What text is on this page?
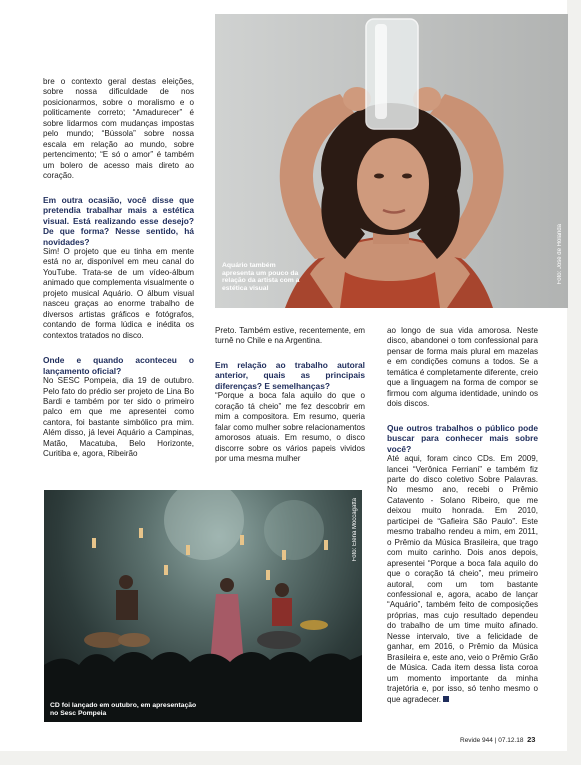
bre o contexto geral destas eleições, sobre nossa dificuldade de nos posicionarmos, sobre o moralismo e o politicamente correto; “Amadurecer” é sobre lidarmos com mudanças impostas pelo mundo; “Bússola” sobre nossa escala em relação ao mundo, sobre pertencimento; “E só o amor” é também um bolero de acesso mais direto ao coração.

Em outra ocasião, você disse que pretendia trabalhar mais a estética visual. Está realizando esse desejo? De que forma? Nesse sentido, há novidades?

Sim! O projeto que eu tinha em mente está no ar, disponível em meu canal do YouTube. Trata-se de um vídeo-álbum animado que complementa visualmente o projeto musical Aquário. O álbum visual nasceu graças ao enorme trabalho de diversos artistas gráficos e fotógrafos, contando de forma lúdica e inédita os contextos tratados no disco.

Onde e quando aconteceu o lançamento oficial?

No SESC Pompeia, dia 19 de outubro. Pelo fato do prédio ser projeto de Lina Bo Bardi e também por ter sido o primeiro palco em que me apresentei como cantora, foi bastante simbólico pra mim. Além disso, já levei Aquário a Campinas, Matão, Macatuba, Belo Horizonte, Curitiba e, agora, Ribeirão

Preto. Também estive, recentemente, em turnê no Chile e na Argentina.

Em relação ao trabalho autoral anterior, quais as principais diferenças? E semelhanças?

“Porque a boca fala aquilo do que o coração tá cheio” me fez descobrir em mim a compositora. Em resumo, queria falar como mulher sobre relacionamentos amorosos atuais. Em resumo, o disco discorre sobre os vários papeis vividos por uma mesma mulher

ao longo de sua vida amorosa. Neste disco, abandonei o tom confessional para pensar de forma mais plural em mazelas e em condições comuns a todos. Se a temática é completamente diferente, creio que a linguagem na forma de compor se firmou com alguma identidade, unindo os dois discos.

Que outros trabalhos o público pode buscar para conhecer mais sobre você?

Até aqui, foram cinco CDs. Em 2009, lancei “Verônica Ferriani” e também fiz parte do disco coletivo Sobre Palavras. No mesmo ano, recebi o Prêmio Catavento - Solano Ribeiro, que me deixou muito honrada. Em 2010, participei de “Gafieira São Paulo”. Este mesmo trabalho rendeu a mim, em 2011, o Prêmio da Música Brasileira, que trago com muito carinho. Dois anos depois, apresentei “Porque a boca fala aquilo do que o coração tá cheio”, meu primeiro autoral, com um tom bastante confessional e, agora, acabo de lançar “Aquário”, também feito de composições próprias, mas cujo resultado dependeu do trabalho de um time muito afinado. Nesse intervalo, tive a felicidade de ganhar, em 2016, o Prêmio da Música Brasileira e, este ano, veio o Prêmio Grão de Música. Cada item dessa lista coroa um momento importante da minha trajetória e, por isso, só tenho mesmo o que agradecer.

Aquário também apresenta um pouco da relação da artista com a estética visual
Foto: José de Holanda
CD foi lançado em outubro, em apresentação no Sesc Pompeia
Foto: Elena Moccagatta
Revide 944 | 07.12.18 23
